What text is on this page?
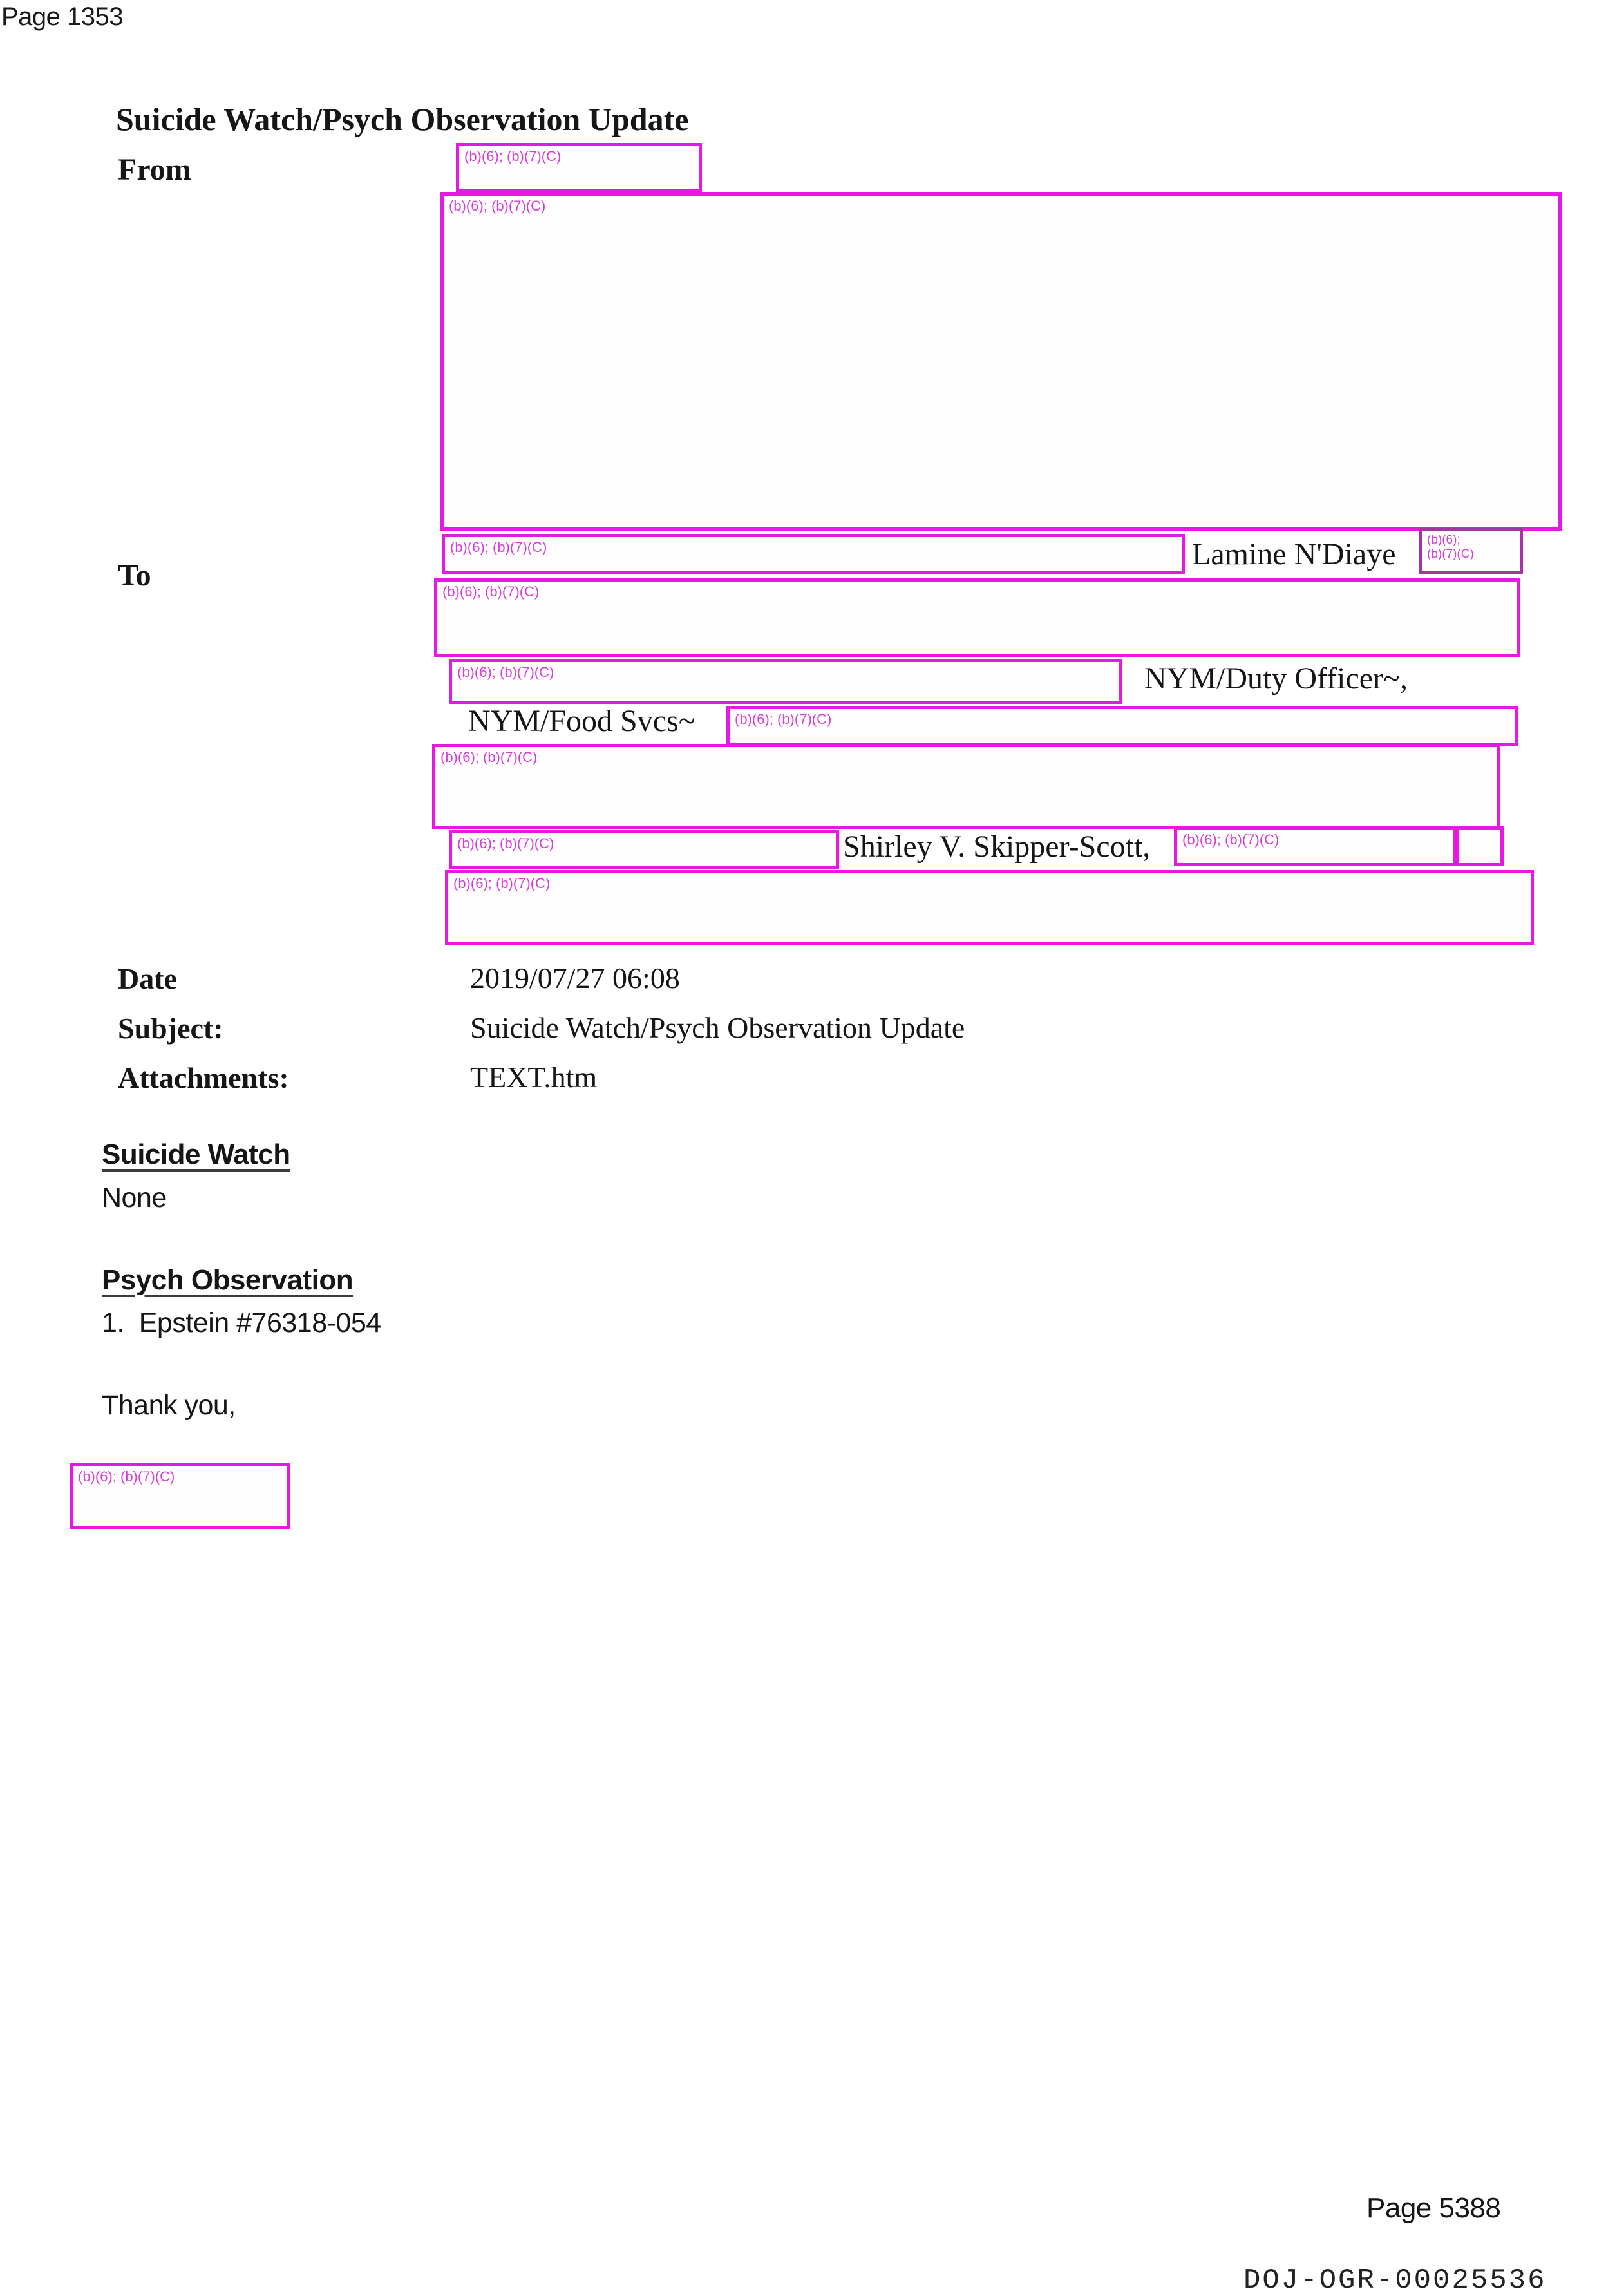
Page 1353
Suicide Watch/Psych Observation Update
From	(b)(6); (b)(7)(C)
(b)(6); (b)(7)(C)
To
(b)(6); (b)(7)(C)	Lamine N'Diaye	(b)(6);
(b)(7)(C)
(b)(6); (b)(7)(C)
(b)(6); (b)(7)(C)	NYM/Duty Officer~,
NYM/Food Svcs~	(b)(6); (b)(7)(C)
(b)(6); (b)(7)(C)
(b)(6); (b)(7)(C)	Shirley V. Skipper-Scott,	(b)(6); (b)(7)(C)
(b)(6); (b)(7)(C)
Date	2019/07/27 06:08
Subject:	Suicide Watch/Psych Observation Update
Attachments:	TEXT.htm
Suicide Watch
None
Psych Observation
1.  Epstein #76318-054
Thank you,
(b)(6); (b)(7)(C)
Page 5388
DOJ-OGR-00025536
